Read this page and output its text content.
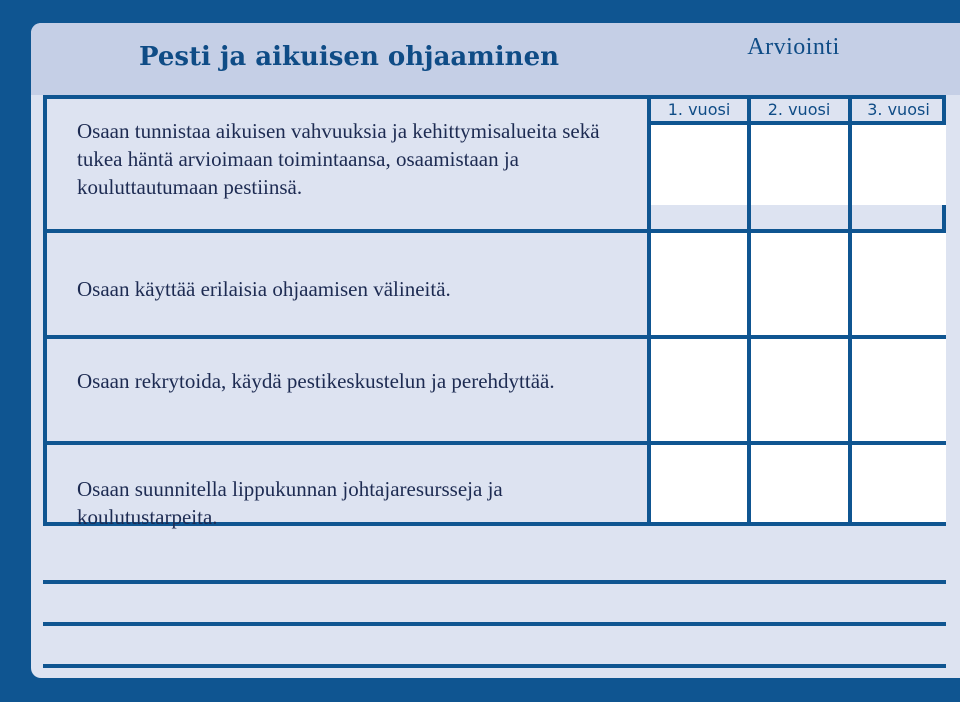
Pesti ja aikuisen ohjaaminen	Arviointi
1. vuosi	2. vuosi	3. vuosi
Osaan tunnistaa aikuisen vahvuuksia ja kehittymisalueita sekä tukea häntä arvioimaan toimintaansa, osaamistaan ja kouluttautumaan pestiinsä.
Osaan käyttää erilaisia ohjaamisen välineitä.
Osaan rekrytoida, käydä pestikeskustelun ja perehdyttää.
Osaan suunnitella lippukunnan johtajaresursseja ja koulutustarpeita.
